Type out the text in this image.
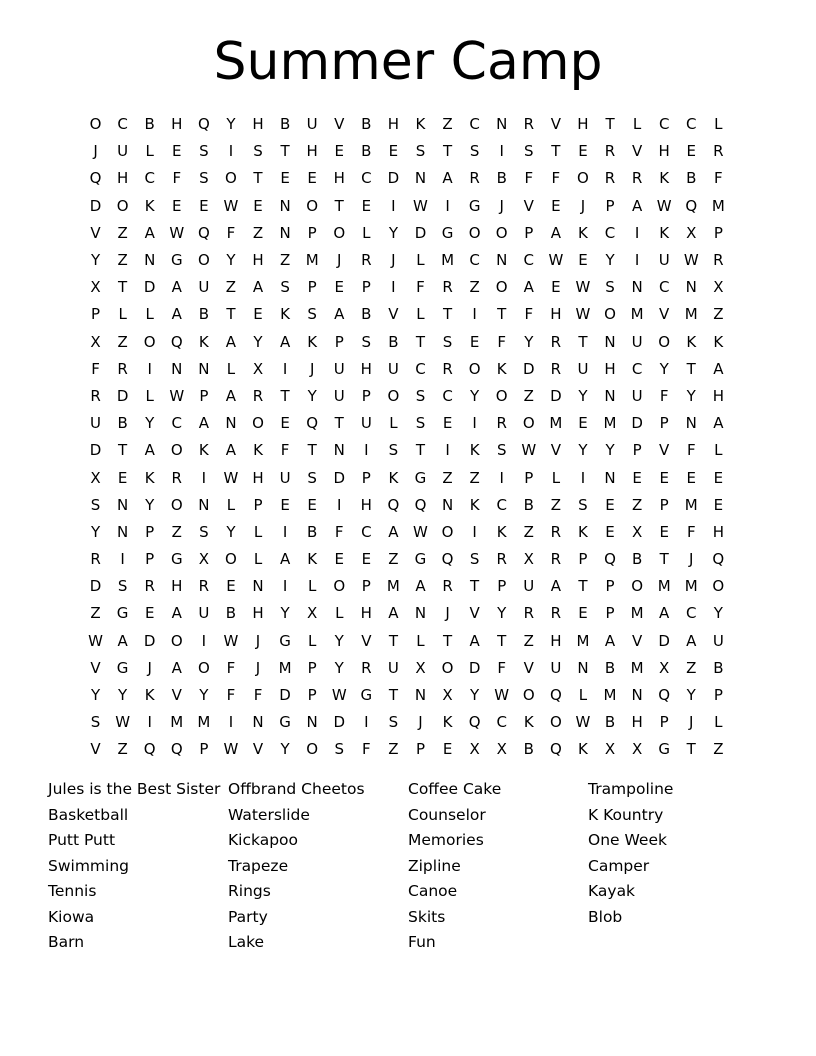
Summer Camp
O	C	B	H	Q	Y	H	B	U	V	B	H	K	Z	C	N	R	V	H	T	L	C	C	L
J	U	L	E	S	I	S	T	H	E	B	E	S	T	S	I	S	T	E	R	V	H	E	R
Q	H	C	F	S	O	T	E	E	H	C	D	N	A	R	B	F	F	O	R	R	K	B	F
D	O	K	E	E W E	N	O	T	E	I	W	I	G	J	V	E	J	P	A W Q M
V	Z	A W Q	F	Z	N	P	O	L	Y	D	G	O	O	P	A	K	C	I	K	X	P
Y	Z	N	G	O	Y	H	Z	M	J	R	J	L	M	C	N	C W E	Y	I	U W R
X	T	D	A	U	Z	A	S	P	E	P	I	F	R	Z	O	A	E W S	N	C	N	X
P	L	L	A	B	T	E	K	S	A	B	V	L	T	I	T	F	H W O M	V	M	Z
X	Z	O	Q	K	A	Y	A	K	P	S	B	T	S	E	F	Y	R	T	N	U	O	K	K
F	R	I	N	N	L	X	I	J	U	H	U	C	R	O	K	D	R	U	H	C	Y	T	A
R	D	L	W	P	A	R	T	Y	U	P	O	S	C	Y	O	Z	D	Y	N	U	F	Y	H
U	B	Y	C	A	N	O	E	Q	T	U	L	S	E	I	R	O M	E	M D	P	N	A
D	T	A	O	K	A	K	F	T	N	I	S	T	I	K	S W V	Y	Y	P	V	F	L
X	E	K	R	I	W H	U	S	D	P	K	G	Z	Z	I	P	L	I	N	E	E	E	E
S	N	Y	O	N	L	P	E	E	I	H	Q	Q	N	K	C	B	Z	S	E	Z	P	M	E
Y	N	P	Z	S	Y	L	I	B	F	C	A W O	I	K	Z	R	K	E	X	E	F	H
R	I	P	G	X	O	L	A	K	E	E	Z	G	Q	S	R	X	R	P	Q	B	T	J	Q
D	S	R	H	R	E	N	I	L	O	P	M	A	R	T	P	U	A	T	P	O M M O
Z	G	E	A	U	B	H	Y	X	L	H	A	N	J	V	Y	R	R	E	P	M	A	C	Y
W A	D	O	I	W	J	G	L	Y	V	T	L	T	A	T	Z	H M	A	V	D	A	U
V	G	J	A	O	F	J	M	P	Y	R	U	X	O	D	F	V	U	N	B	M	X	Z	B
Y	Y	K	V	Y	F	F	D	P	W G	T	N	X	Y	W O	Q	L	M N	Q	Y	P
S W	I	M M	I	N	G	N	D	I	S	J	K	Q	C	K	O W B	H	P	J	L
V	Z	Q	Q	P	W V	Y	O	S	F	Z	P	E	X	X	B	Q	K	X	X	G	T	Z
Jules is the Best Sister
Basketball
Putt Putt
Swimming
Tennis
Kiowa
Barn
Offbrand Cheetos
Waterslide
Kickapoo
Trapeze
Rings
Party
Lake
Coffee Cake
Counselor
Memories
Zipline
Canoe
Skits
Fun
Trampoline
K Kountry
One Week
Camper
Kayak
Blob
